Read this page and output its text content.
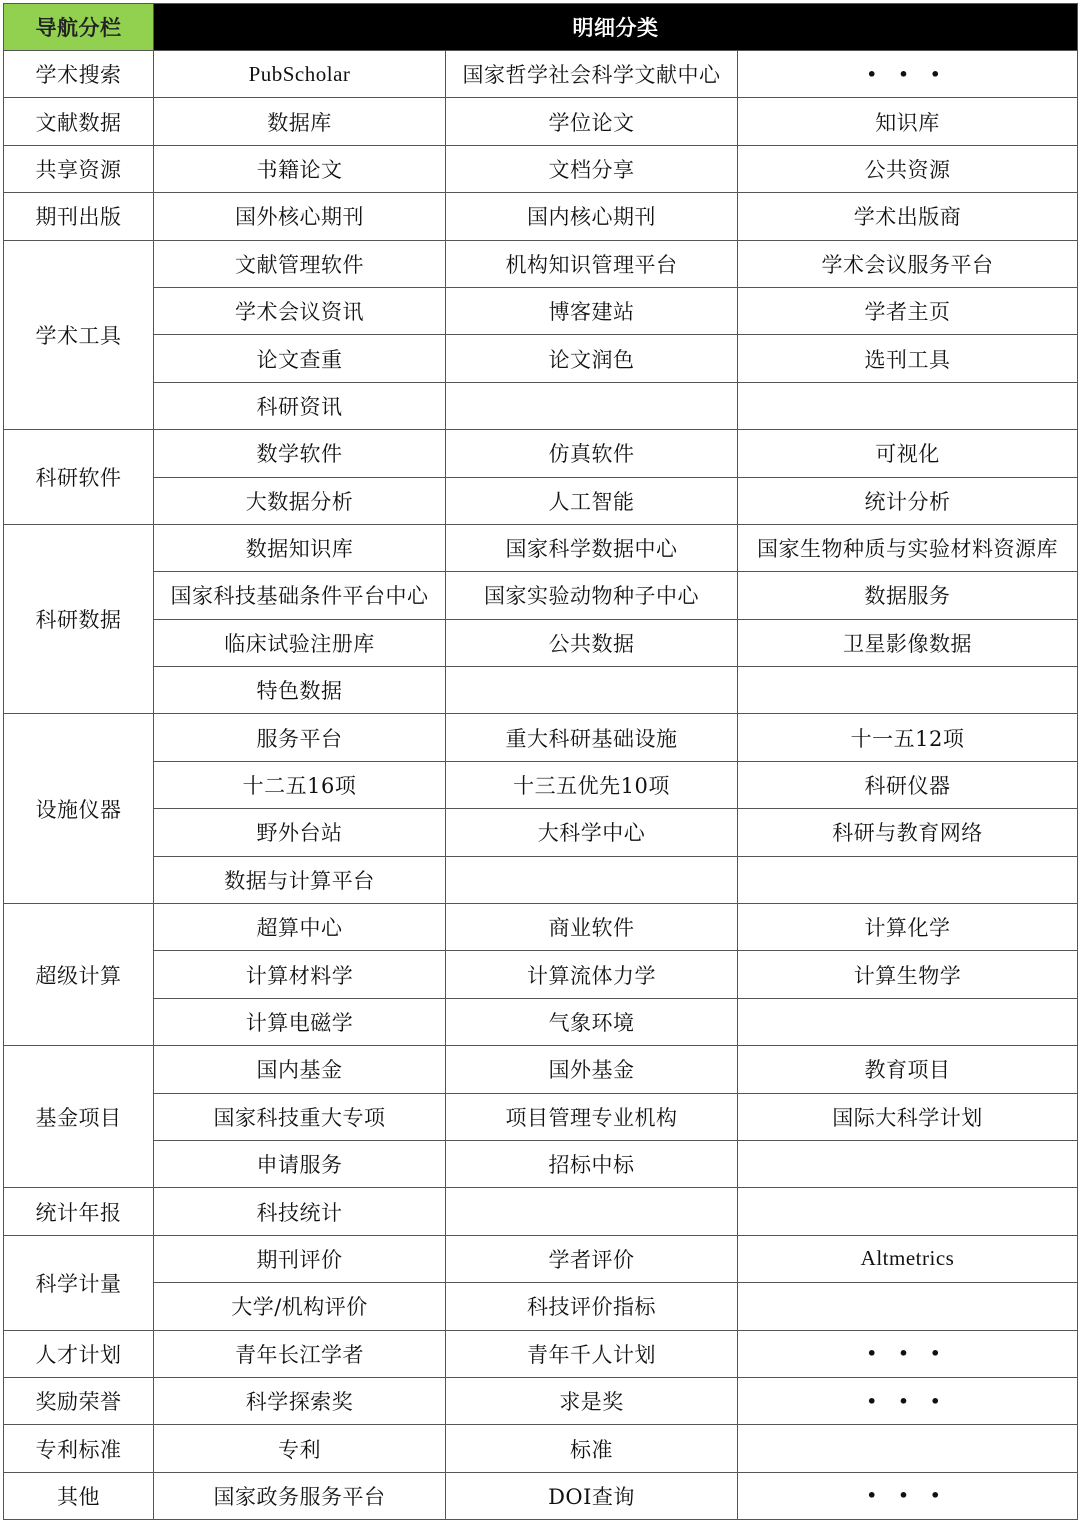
导航分栏	明细分类		
学术搜索	PubScholar	国家哲学社会科学文献中心	• • •
文献数据	数据库	学位论文	知识库
共享资源	书籍论文	文档分享	公共资源
期刊出版	国外核心期刊	国内核心期刊	学术出版商
学术工具	文献管理软件	机构知识管理平台	学术会议服务平台
	学术会议资讯	博客建站	学者主页
	论文查重	论文润色	选刊工具
	科研资讯		
科研软件	数学软件	仿真软件	可视化
	大数据分析	人工智能	统计分析
科研数据	数据知识库	国家科学数据中心	国家生物种质与实验材料资源库
	国家科技基础条件平台中心	国家实验动物种子中心	数据服务
	临床试验注册库	公共数据	卫星影像数据
	特色数据		
设施仪器	服务平台	重大科研基础设施	十一五12项
	十二五16项	十三五优先10项	科研仪器
	野外台站	大科学中心	科研与教育网络
	数据与计算平台		
超级计算	超算中心	商业软件	计算化学
	计算材料学	计算流体力学	计算生物学
	计算电磁学	气象环境	
基金项目	国内基金	国外基金	教育项目
	国家科技重大专项	项目管理专业机构	国际大科学计划
	申请服务	招标中标	
统计年报	科技统计		
科学计量	期刊评价	学者评价	Altmetrics
	大学/机构评价	科技评价指标	
人才计划	青年长江学者	青年千人计划	• • •
奖励荣誉	科学探索奖	求是奖	• • •
专利标准	专利	标准	
其他	国家政务服务平台	DOI查询	• • •
